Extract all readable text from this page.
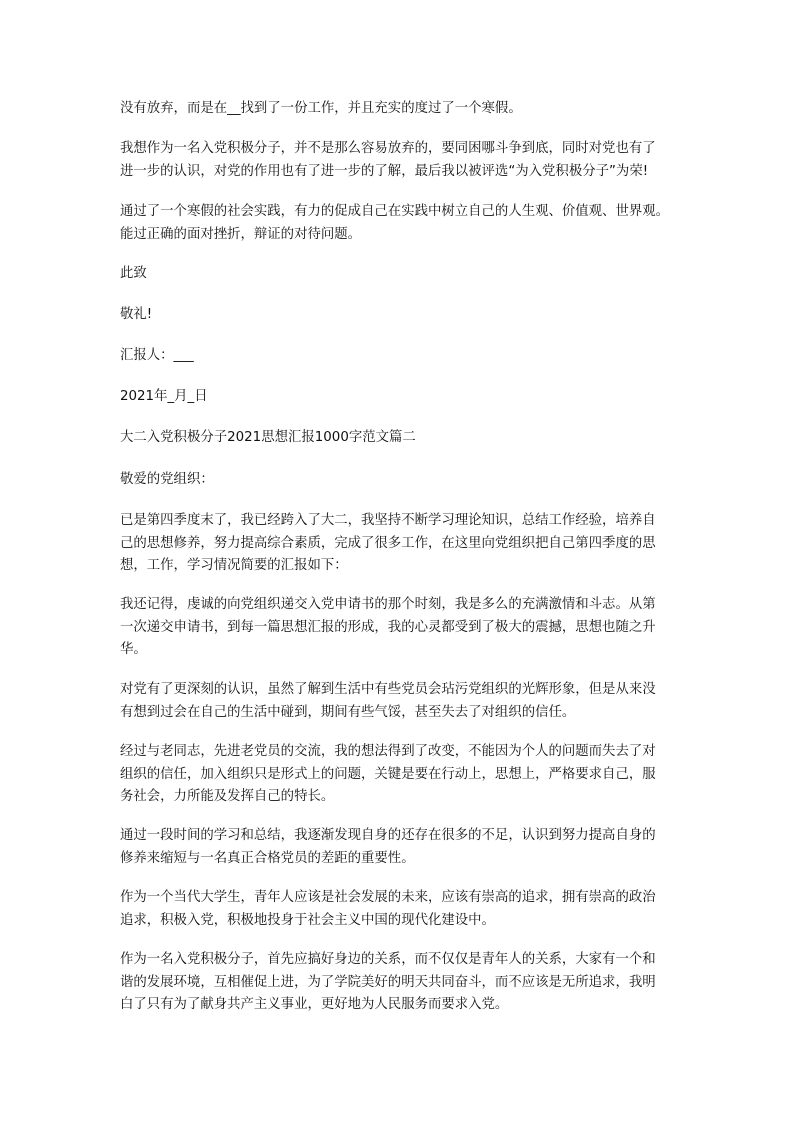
没有放弃，而是在__找到了一份工作，并且充实的度过了一个寒假。

我想作为一名入党积极分子，并不是那么容易放弃的，要同困哪斗争到底，同时对党也有了
进一步的认识，对党的作用也有了进一步的了解，最后我以被评选“为入党积极分子”为荣!

通过了一个寒假的社会实践，有力的促成自己在实践中树立自己的人生观、价值观、世界观。
能过正确的面对挫折，辩证的对待问题。

此致

敬礼!

汇报人：___

2021年_月_日

大二入党积极分子2021思想汇报1000字范文篇二

敬爱的党组织：

已是第四季度末了，我已经跨入了大二，我坚持不断学习理论知识，总结工作经验，培养自
己的思想修养，努力提高综合素质，完成了很多工作，在这里向党组织把自己第四季度的思
想，工作，学习情况简要的汇报如下：

我还记得，虔诚的向党组织递交入党申请书的那个时刻，我是多么的充满激情和斗志。从第
一次递交申请书，到每一篇思想汇报的形成，我的心灵都受到了极大的震撼，思想也随之升
华。

对党有了更深刻的认识，虽然了解到生活中有些党员会玷污党组织的光辉形象，但是从来没
有想到过会在自己的生活中碰到，期间有些气馁，甚至失去了对组织的信任。

经过与老同志，先进老党员的交流，我的想法得到了改变，不能因为个人的问题而失去了对
组织的信任，加入组织只是形式上的问题，关键是要在行动上，思想上，严格要求自己，服
务社会，力所能及发挥自己的特长。

通过一段时间的学习和总结，我逐渐发现自身的还存在很多的不足，认识到努力提高自身的
修养来缩短与一名真正合格党员的差距的重要性。

作为一个当代大学生，青年人应该是社会发展的未来，应该有崇高的追求，拥有崇高的政治
追求，积极入党，积极地投身于社会主义中国的现代化建设中。

作为一名入党积极分子，首先应搞好身边的关系，而不仅仅是青年人的关系，大家有一个和
谐的发展环境，互相催促上进，为了学院美好的明天共同奋斗，而不应该是无所追求，我明
白了只有为了献身共产主义事业，更好地为人民服务而要求入党。
